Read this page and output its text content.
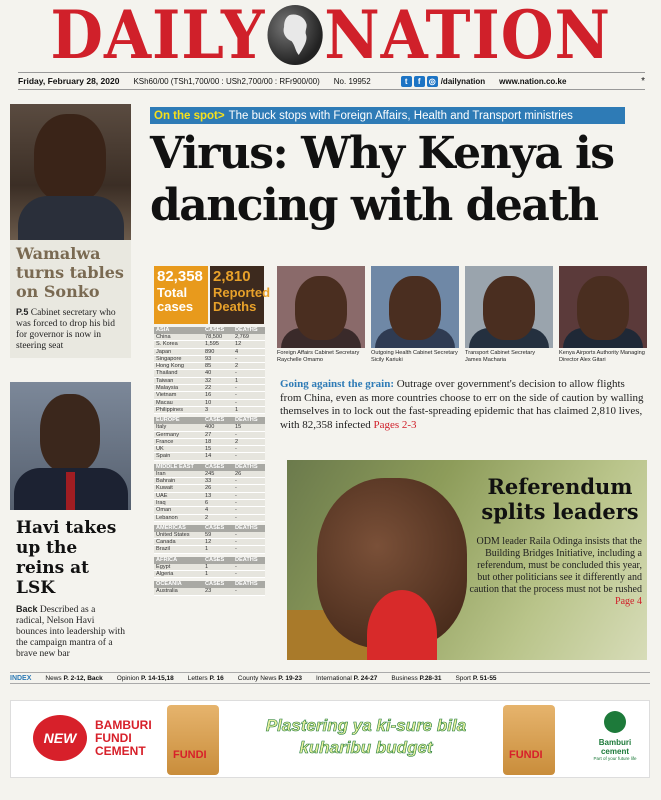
DAILY NATION
Friday, February 28, 2020 KSh60/00 (TSh1,700/00 : USh2,700/00 : RFr900/00) No. 19952	t	f	◎ /dailynation www.nation.co.ke	*
Wamalwa turns tables on Sonko

P.5 Cabinet secretary who was forced to drop his bid for governor is now in steering seat

Havi takes up the reins at LSK

Back Described as a radical, Nelson Havi bounces into leadership with the campaign mantra of a brave new bar

On the spot> The buck stops with Foreign Affairs, Health and Transport ministries
Virus: Why Kenya is dancing with death
82,358
Total cases
2,810
Reported Deaths
ASIA	CASES	DEATHS
China	78,500	2,769
S. Korea	1,595	12
Japan	890	4
Singapore	93	-
Hong Kong	85	2
Thailand	40	-
Taiwan	32	1
Malaysia	22	-
Vietnam	16	-
Macau	10	-
Philippines	3	1
EUROPE	CASES	DEATHS
Italy	400	15
Germany	27	-
France	18	2
UK	15	-
Spain	14	-
MIDDLE EAST	CASES	DEATHS
Iran	245	26
Bahrain	33	-
Kuwait	26	-
UAE	13	-
Iraq	6	-
Oman	4	-
Lebanon	2	-
AMERICAS	CASES	DEATHS
United States	59	-
Canada	12	-
Brazil	1	-
AFRICA	CASES	DEATHS
Egypt	1	-
Algeria	1	-
OCEANIA	CASES	DEATHS
Australia	23	-
Foreign Affairs Cabinet Secretary Raychelle Omamo
Outgoing Health Cabinet Secretary Sicily Kariuki
Transport Cabinet Secretary James Macharia
Kenya Airports Authority Managing Director Alex Gitari

Going against the grain: Outrage over government's decision to allow flights from China, even as more countries choose to err on the side of caution by walling themselves in to lock out the fast-spreading epidemic that has claimed 2,810 lives, with 82,358 infected Pages 2-3

Referendum splits leaders

ODM leader Raila Odinga insists that the Building Bridges Initiative, including a referendum, must be concluded this year, but other politicians see it differently and caution that the process must not be rushed Page 4

INDEX News P. 2-12, Back Opinion P. 14-15,18 Letters P. 16 County News P. 19-23 International P. 24-27 Business P.28-31 Sport P. 51-55
NEW
BAMBURI FUNDI CEMENT	FUNDI
Plastering ya ki-sure bila kuharibu budget	FUNDI
Bamburi cement
Part of your future life
